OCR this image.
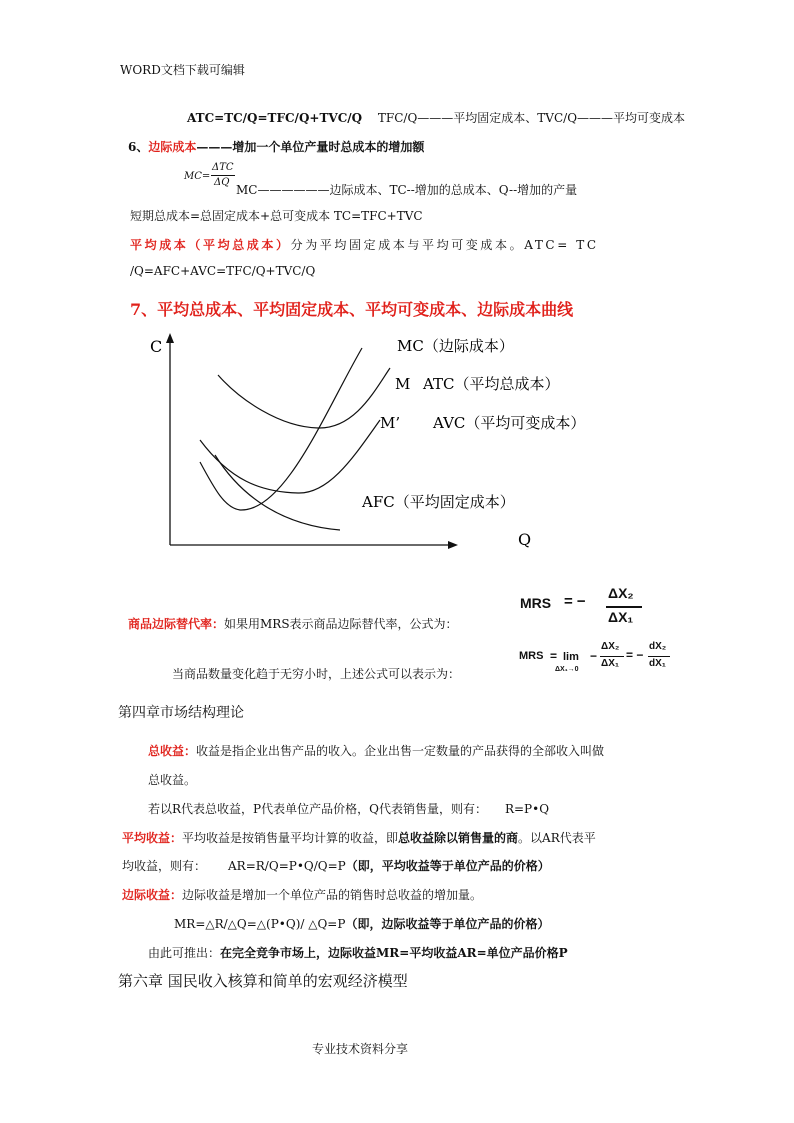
WORD文档下载可编辑
ATC=TC/Q=TFC/Q+TVC/Q TFC/Q———平均固定成本、TVC/Q———平均可变成本
6、边际成本———增加一个单位产量时总成本的增加额
MC=
ΔTC
ΔQ
MC——————边际成本、TC--增加的总成本、Q--增加的产量
短期总成本=总固定成本+总可变成本 TC=TFC+TVC
平均成本（平均总成本）分为平均固定成本与平均可变成本。ATC= TC
/Q=AFC+AVC=TFC/Q+TVC/Q
7、平均总成本、平均固定成本、平均可变成本、边际成本曲线
C
Q
MC（边际成本）
M ATC（平均总成本）
M’ AVC（平均可变成本）
AFC（平均固定成本）
商品边际替代率：如果用MRS表示商品边际替代率，公式为：
MRS = − ΔX₂
ΔX₁
当商品数量变化趋于无穷小时，上述公式可以表示为：
MRS = lim
ΔX₁→0
−
ΔX₂
ΔX₁
= −
dX₂
dX₁
第四章市场结构理论
总收益：收益是指企业出售产品的收入。企业出售一定数量的产品获得的全部收入叫做
总收益。
若以R代表总收益，P代表单位产品价格，Q代表销售量，则有： R=P•Q
平均收益：平均收益是按销售量平均计算的收益，即总收益除以销售量的商。以AR代表平
均收益，则有： AR=R/Q=P•Q/Q=P（即，平均收益等于单位产品的价格）
边际收益：边际收益是增加一个单位产品的销售时总收益的增加量。
MR=△R/△Q=△(P•Q)/ △Q=P（即，边际收益等于单位产品的价格）
由此可推出：在完全竞争市场上，边际收益MR=平均收益AR=单位产品价格P
第六章 国民收入核算和简单的宏观经济模型
专业技术资料分享
